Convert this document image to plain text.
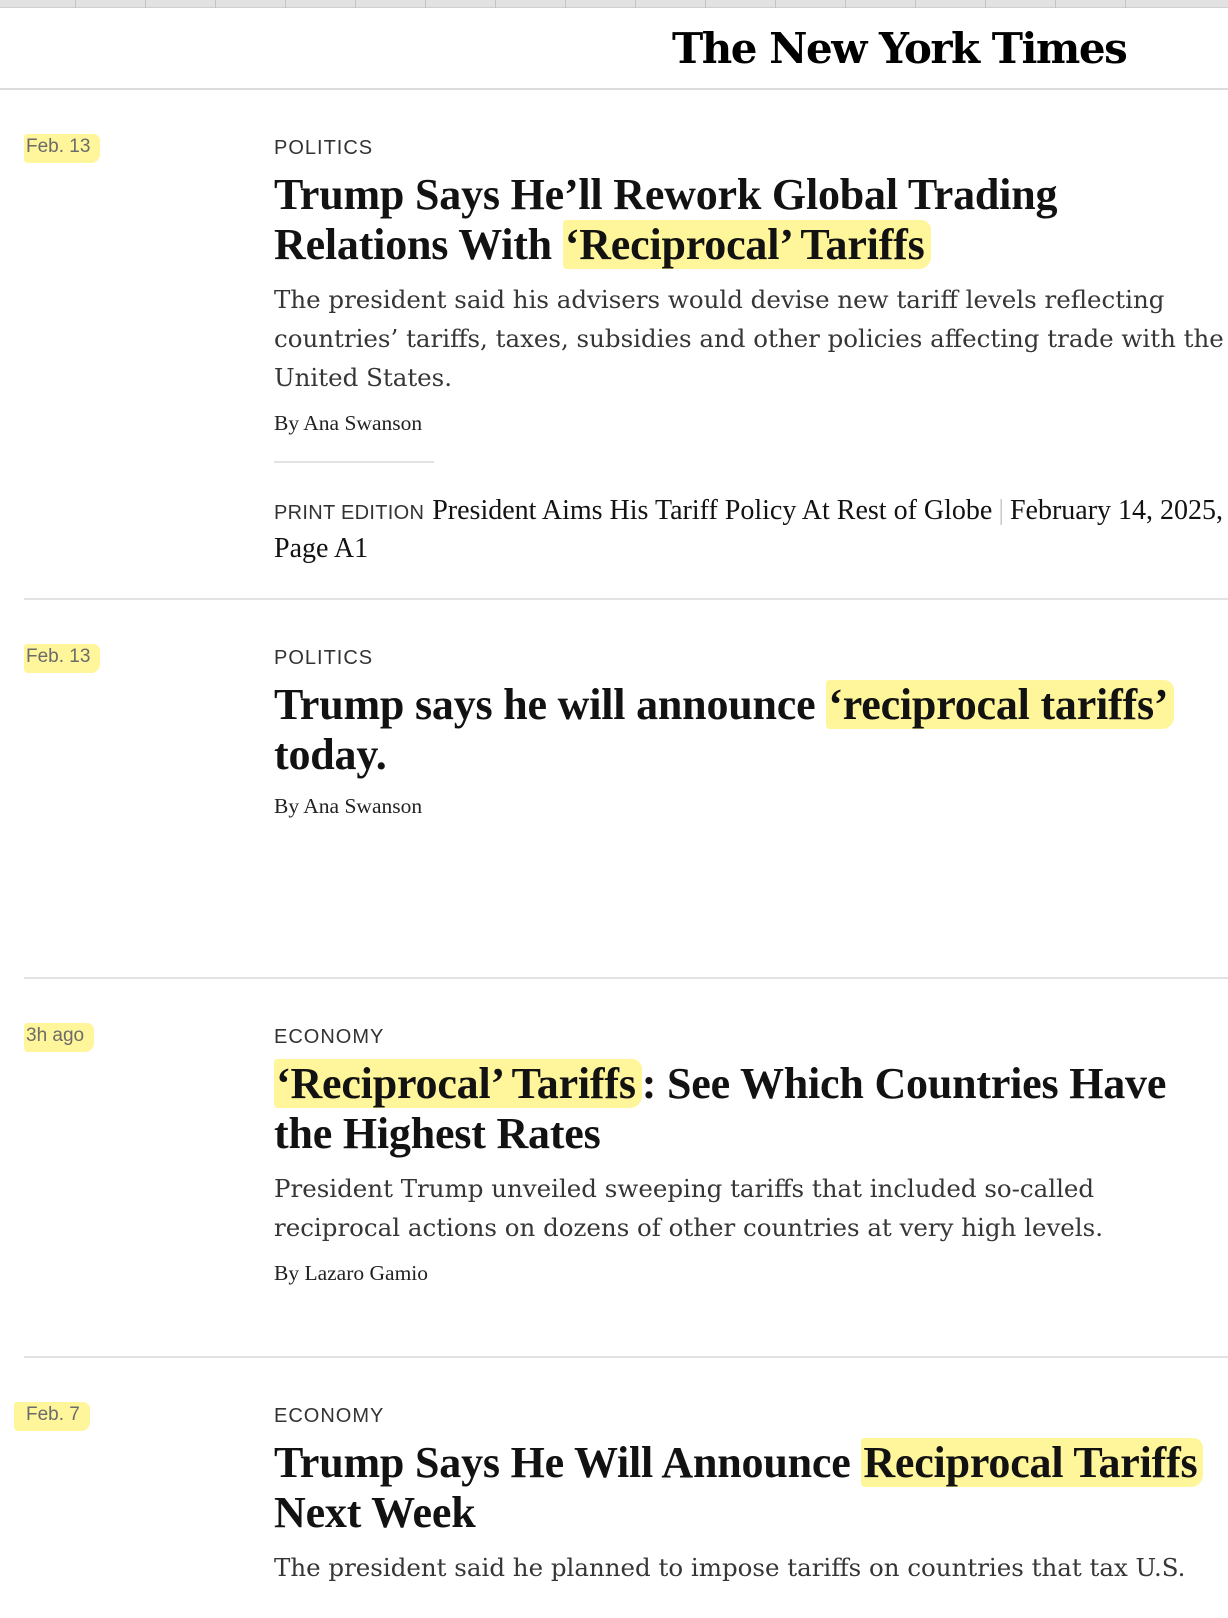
The New York Times
Feb. 13	POLITICS
Trump Says He’ll Rework Global Trading Relations With ‘Reciprocal’ Tariffs

The president said his advisers would devise new tariff levels reflecting countries’ tariffs, taxes, subsidies and other policies affecting trade with the United States.

By Ana Swanson
PRINT EDITION President Aims His Tariff Policy At Rest of Globe | February 14, 2025, Page A1
Feb. 13	POLITICS
Trump says he will announce ‘reciprocal tariffs’ today.
By Ana Swanson
3h ago	ECONOMY
‘Reciprocal’ Tariffs : See Which Countries Have the Highest Rates

President Trump unveiled sweeping tariffs that included so-called reciprocal actions on dozens of other countries at very high levels.

By Lazaro Gamio
Feb. 7	ECONOMY
Trump Says He Will Announce Reciprocal Tariffs Next Week

The president said he planned to impose tariffs on countries that tax U.S.
